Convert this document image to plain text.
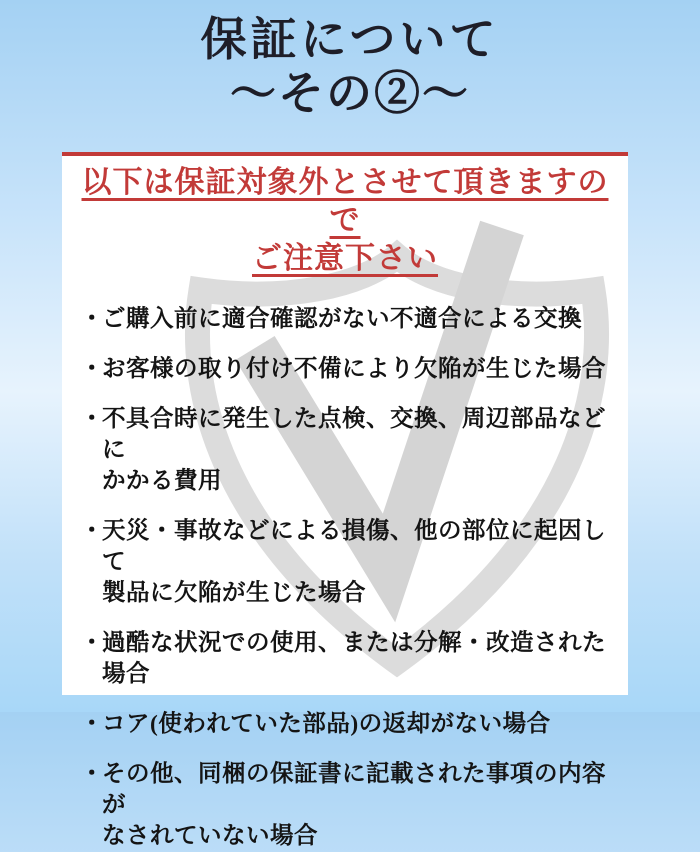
保証について
〜その②〜
以下は保証対象外とさせて頂きますので
ご注意下さい
・
ご購入前に適合確認がない不適合による交換
・
お客様の取り付け不備により欠陥が生じた場合
・
不具合時に発生した点検、交換、周辺部品などに
かかる費用
・
天災・事故などによる損傷、他の部位に起因して
製品に欠陥が生じた場合
・
過酷な状況での使用、または分解・改造された場合
・
コア(使われていた部品)の返却がない場合
・
その他、同梱の保証書に記載された事項の内容が
なされていない場合
